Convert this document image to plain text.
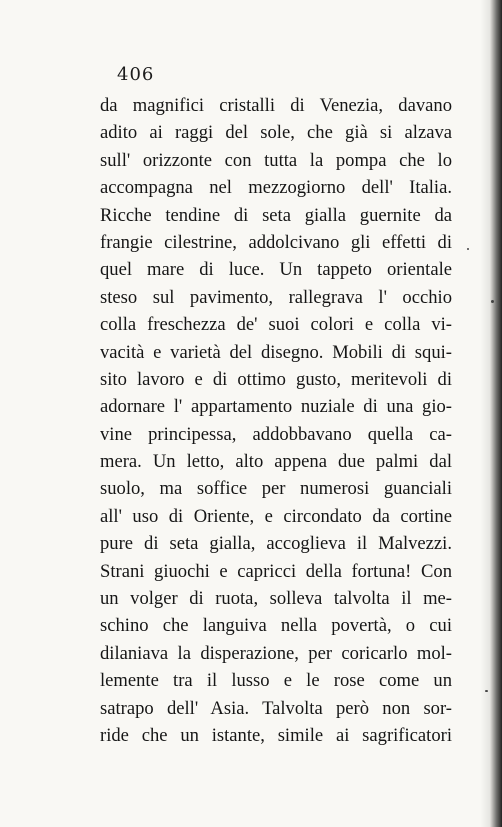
406
da magnifici cristalli di Venezia, davano
adito ai raggi del sole, che già si alzava
sull' orizzonte con tutta la pompa che lo
accompagna nel mezzogiorno dell' Italia.
Ricche tendine di seta gialla guernite da
frangie cilestrine, addolcivano gli effetti di
quel mare di luce. Un tappeto orientale
steso sul pavimento, rallegrava l' occhio
colla freschezza de' suoi colori e colla vi-
vacità e varietà del disegno. Mobili di squi-
sito lavoro e di ottimo gusto, meritevoli di
adornare l' appartamento nuziale di una gio-
vine principessa, addobbavano quella ca-
mera. Un letto, alto appena due palmi dal
suolo, ma soffice per numerosi guanciali
all' uso di Oriente, e circondato da cortine
pure di seta gialla, accoglieva il Malvezzi.
Strani giuochi e capricci della fortuna! Con
un volger di ruota, solleva talvolta il me-
schino che languiva nella povertà, o cui
dilaniava la disperazione, per coricarlo mol-
lemente tra il lusso e le rose come un
satrapo dell' Asia. Talvolta però non sor-
ride che un istante, simile ai sagrificatori
